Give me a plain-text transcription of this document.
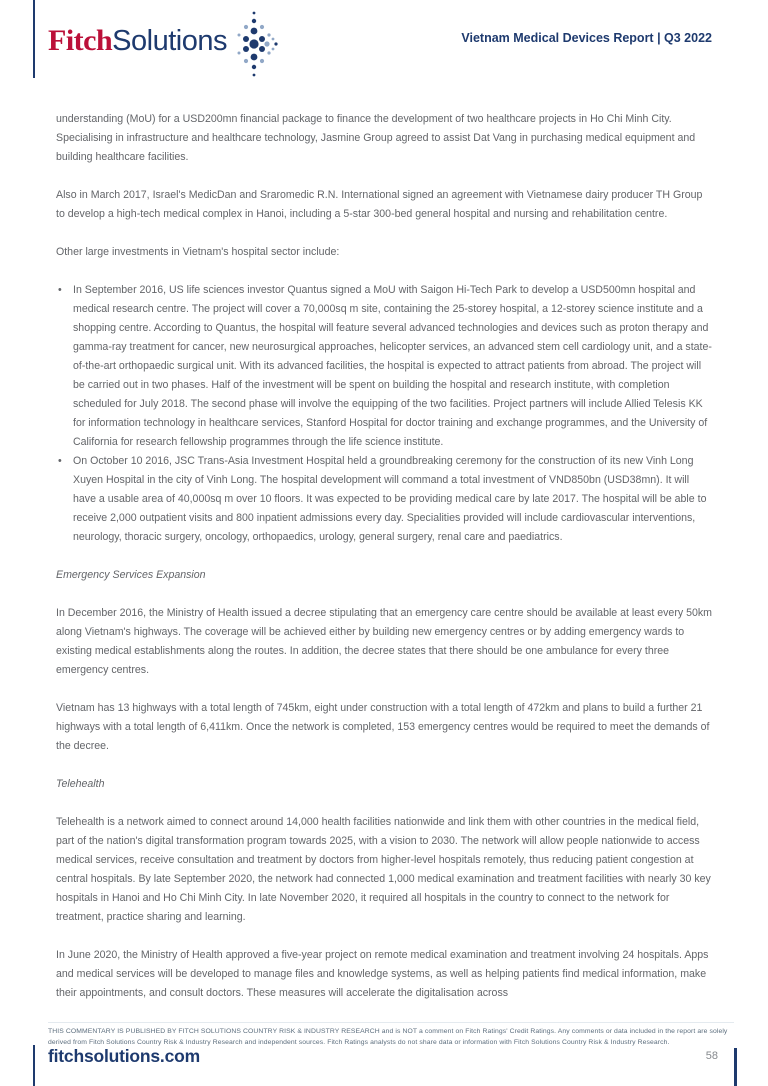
Fitch Solutions	Vietnam Medical Devices Report | Q3 2022

understanding (MoU) for a USD200mn financial package to finance the development of two healthcare projects in Ho Chi Minh City. Specialising in infrastructure and healthcare technology, Jasmine Group agreed to assist Dat Vang in purchasing medical equipment and building healthcare facilities.

Also in March 2017, Israel's MedicDan and Sraromedic R.N. International signed an agreement with Vietnamese dairy producer TH Group to develop a high-tech medical complex in Hanoi, including a 5-star 300-bed general hospital and nursing and rehabilitation centre.

Other large investments in Vietnam's hospital sector include:

• In September 2016, US life sciences investor Quantus signed a MoU with Saigon Hi-Tech Park to develop a USD500mn hospital and medical research centre. The project will cover a 70,000sq m site, containing the 25-storey hospital, a 12-storey science institute and a shopping centre. According to Quantus, the hospital will feature several advanced technologies and devices such as proton therapy and gamma-ray treatment for cancer, new neurosurgical approaches, helicopter services, an advanced stem cell cardiology unit, and a state-of-the-art orthopaedic surgical unit. With its advanced facilities, the hospital is expected to attract patients from abroad. The project will be carried out in two phases. Half of the investment will be spent on building the hospital and research institute, with completion scheduled for July 2018. The second phase will involve the equipping of the two facilities. Project partners will include Allied Telesis KK for information technology in healthcare services, Stanford Hospital for doctor training and exchange programmes, and the University of California for research fellowship programmes through the life science institute.
• On October 10 2016, JSC Trans-Asia Investment Hospital held a groundbreaking ceremony for the construction of its new Vinh Long Xuyen Hospital in the city of Vinh Long. The hospital development will command a total investment of VND850bn (USD38mn). It will have a usable area of 40,000sq m over 10 floors. It was expected to be providing medical care by late 2017. The hospital will be able to receive 2,000 outpatient visits and 800 inpatient admissions every day. Specialities provided will include cardiovascular interventions, neurology, thoracic surgery, oncology, orthopaedics, urology, general surgery, renal care and paediatrics.
Emergency Services Expansion

In December 2016, the Ministry of Health issued a decree stipulating that an emergency care centre should be available at least every 50km along Vietnam's highways. The coverage will be achieved either by building new emergency centres or by adding emergency wards to existing medical establishments along the routes. In addition, the decree states that there should be one ambulance for every three emergency centres.

Vietnam has 13 highways with a total length of 745km, eight under construction with a total length of 472km and plans to build a further 21 highways with a total length of 6,411km. Once the network is completed, 153 emergency centres would be required to meet the demands of the decree.

Telehealth

Telehealth is a network aimed to connect around 14,000 health facilities nationwide and link them with other countries in the medical field, part of the nation's digital transformation program towards 2025, with a vision to 2030. The network will allow people nationwide to access medical services, receive consultation and treatment by doctors from higher-level hospitals remotely, thus reducing patient congestion at central hospitals. By late September 2020, the network had connected 1,000 medical examination and treatment facilities with nearly 30 key hospitals in Hanoi and Ho Chi Minh City. In late November 2020, it required all hospitals in the country to connect to the network for treatment, practice sharing and learning.

In June 2020, the Ministry of Health approved a five-year project on remote medical examination and treatment involving 24 hospitals. Apps and medical services will be developed to manage files and knowledge systems, as well as helping patients find medical information, make their appointments, and consult doctors. These measures will accelerate the digitalisation across

THIS COMMENTARY IS PUBLISHED BY FITCH SOLUTIONS COUNTRY RISK & INDUSTRY RESEARCH and is NOT a comment on Fitch Ratings' Credit Ratings. Any comments or data included in the report are solely derived from Fitch Solutions Country Risk & Industry Research and independent sources. Fitch Ratings analysts do not share data or information with Fitch Solutions Country Risk & Industry Research.

fitchsolutions.com	58
